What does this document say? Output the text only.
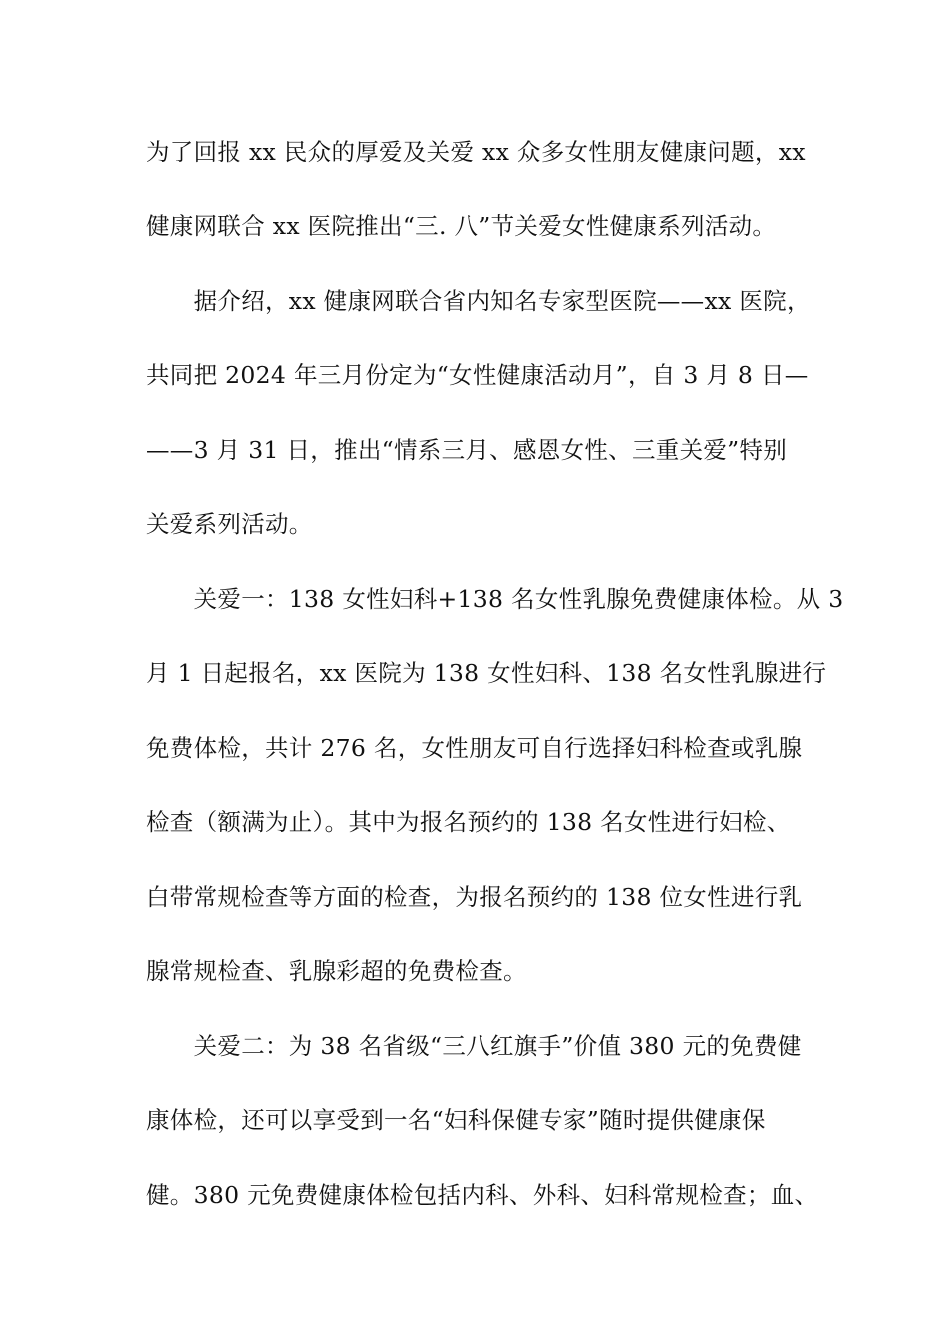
为了回报 xx 民众的厚爱及关爱 xx 众多女性朋友健康问题，xx
健康网联合 xx 医院推出“三. 八”节关爱女性健康系列活动。
　　据介绍，xx 健康网联合省内知名专家型医院——xx 医院，
共同把 2024 年三月份定为“女性健康活动月”，自 3 月 8 日—
——3 月 31 日，推出“情系三月、感恩女性、三重关爱”特别
关爱系列活动。
　　关爱一：138 女性妇科+138 名女性乳腺免费健康体检。从 3
月 1 日起报名，xx 医院为 138 女性妇科、138 名女性乳腺进行
免费体检，共计 276 名，女性朋友可自行选择妇科检查或乳腺
检查（额满为止）。其中为报名预约的 138 名女性进行妇检、
白带常规检查等方面的检查，为报名预约的 138 位女性进行乳
腺常规检查、乳腺彩超的免费检查。
　　关爱二：为 38 名省级“三八红旗手”价值 380 元的免费健
康体检，还可以享受到一名“妇科保健专家”随时提供健康保
健。380 元免费健康体检包括内科、外科、妇科常规检查；血、
